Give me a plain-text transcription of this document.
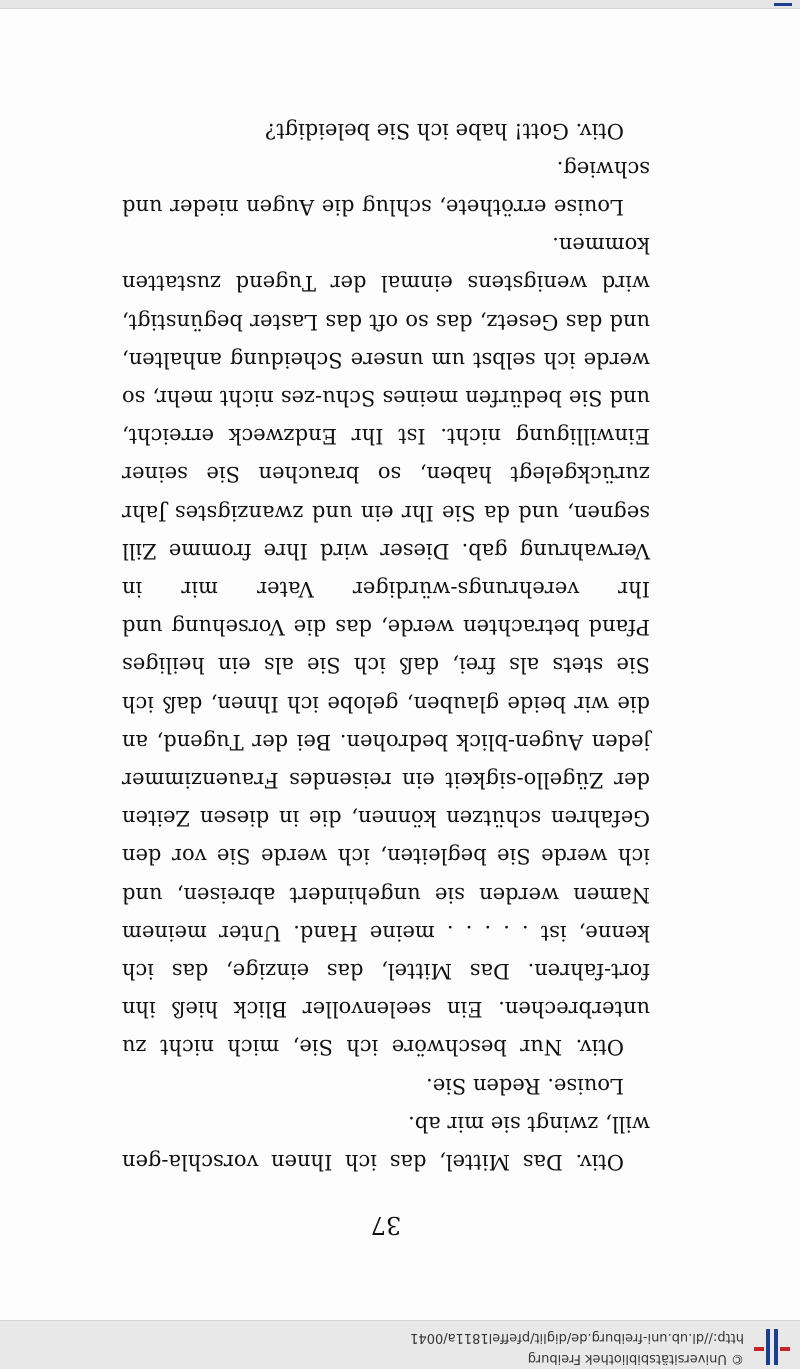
© Universitätsbibliothek Freiburg
http://dl.ub.uni-freiburg.de/diglit/pfeffel1811a/0041
37

Otiv. Das Mittel, das ich Ihnen vorschla-gen will, zwingt sie mir ab.

Louise. Reden Sie.

Otiv. Nur beschwöre ich Sie, mich nicht zu unterbrechen. Ein seelenvoller Blick hieß ihn fort-fahren. Das Mittel, das einzige, das ich kenne, ist . . . . . meine Hand. Unter meinem Namen werden sie ungehindert abreisen, und ich werde Sie begleiten, ich werde Sie vor den Gefahren schützen können, die in diesen Zeiten der Zügello-sigkeit ein reisendes Frauenzimmer jeden Augen-blick bedrohen. Bei der Tugend, an die wir beide glauben, gelobe ich Ihnen, daß ich Sie stets als frei, daß ich Sie als ein heiliges Pfand betrachten werde, das die Vorsehung und Ihr verehrungs-würdiger Vater mir in Verwahrung gab. Dieser wird Ihre fromme Zill segnen, und da Sie Ihr ein und zwanzigstes Jahr zurückgelegt haben, so brauchen Sie seiner Einwilligung nicht. Ist Ihr Endzweck erreicht, und Sie bedürfen meines Schu-zes nicht mehr, so werde ich selbst um unsere Scheidung anhalten, und das Gesetz, das so oft das Laster begünstigt, wird wenigstens einmal der Tugend zustatten kommen.

Louise erröthete, schlug die Augen nieder und schwieg.

Otiv. Gott! habe ich Sie beleidigt?
